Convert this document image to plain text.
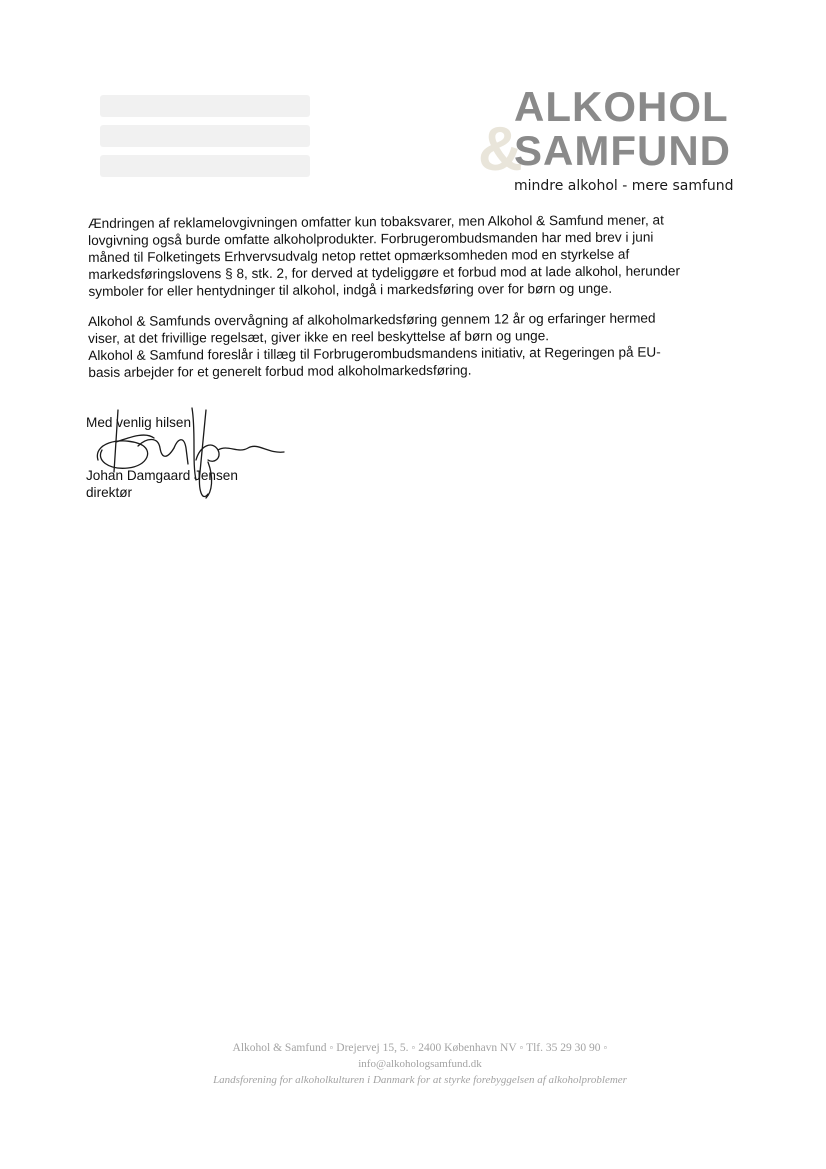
&
ALKOHOL
SAMFUND
mindre alkohol - mere samfund

Ændringen af reklamelovgivningen omfatter kun tobaksvarer, men Alkohol & Samfund mener, at

lovgivning også burde omfatte alkoholprodukter. Forbrugerombudsmanden har med brev i juni

måned til Folketingets Erhvervsudvalg netop rettet opmærksomheden mod en styrkelse af

markedsføringslovens § 8, stk. 2, for derved at tydeliggøre et forbud mod at lade alkohol, herunder

symboler for eller hentydninger til alkohol, indgå i markedsføring over for børn og unge.

Alkohol & Samfunds overvågning af alkoholmarkedsføring gennem 12 år og erfaringer hermed

viser, at det frivillige regelsæt, giver ikke en reel beskyttelse af børn og unge.

Alkohol & Samfund foreslår i tillæg til Forbrugerombudsmandens initiativ, at Regeringen på EU-

basis arbejder for et generelt forbud mod alkoholmarkedsføring.

Med venlig hilsen
Johan Damgaard Jensen
direktør
Alkohol & Samfund ◦ Drejervej 15, 5. ◦ 2400 København NV ◦ Tlf. 35 29 30 90 ◦
info@alkohologsamfund.dk
Landsforening for alkoholkulturen i Danmark for at styrke forebyggelsen af alkoholproblemer
